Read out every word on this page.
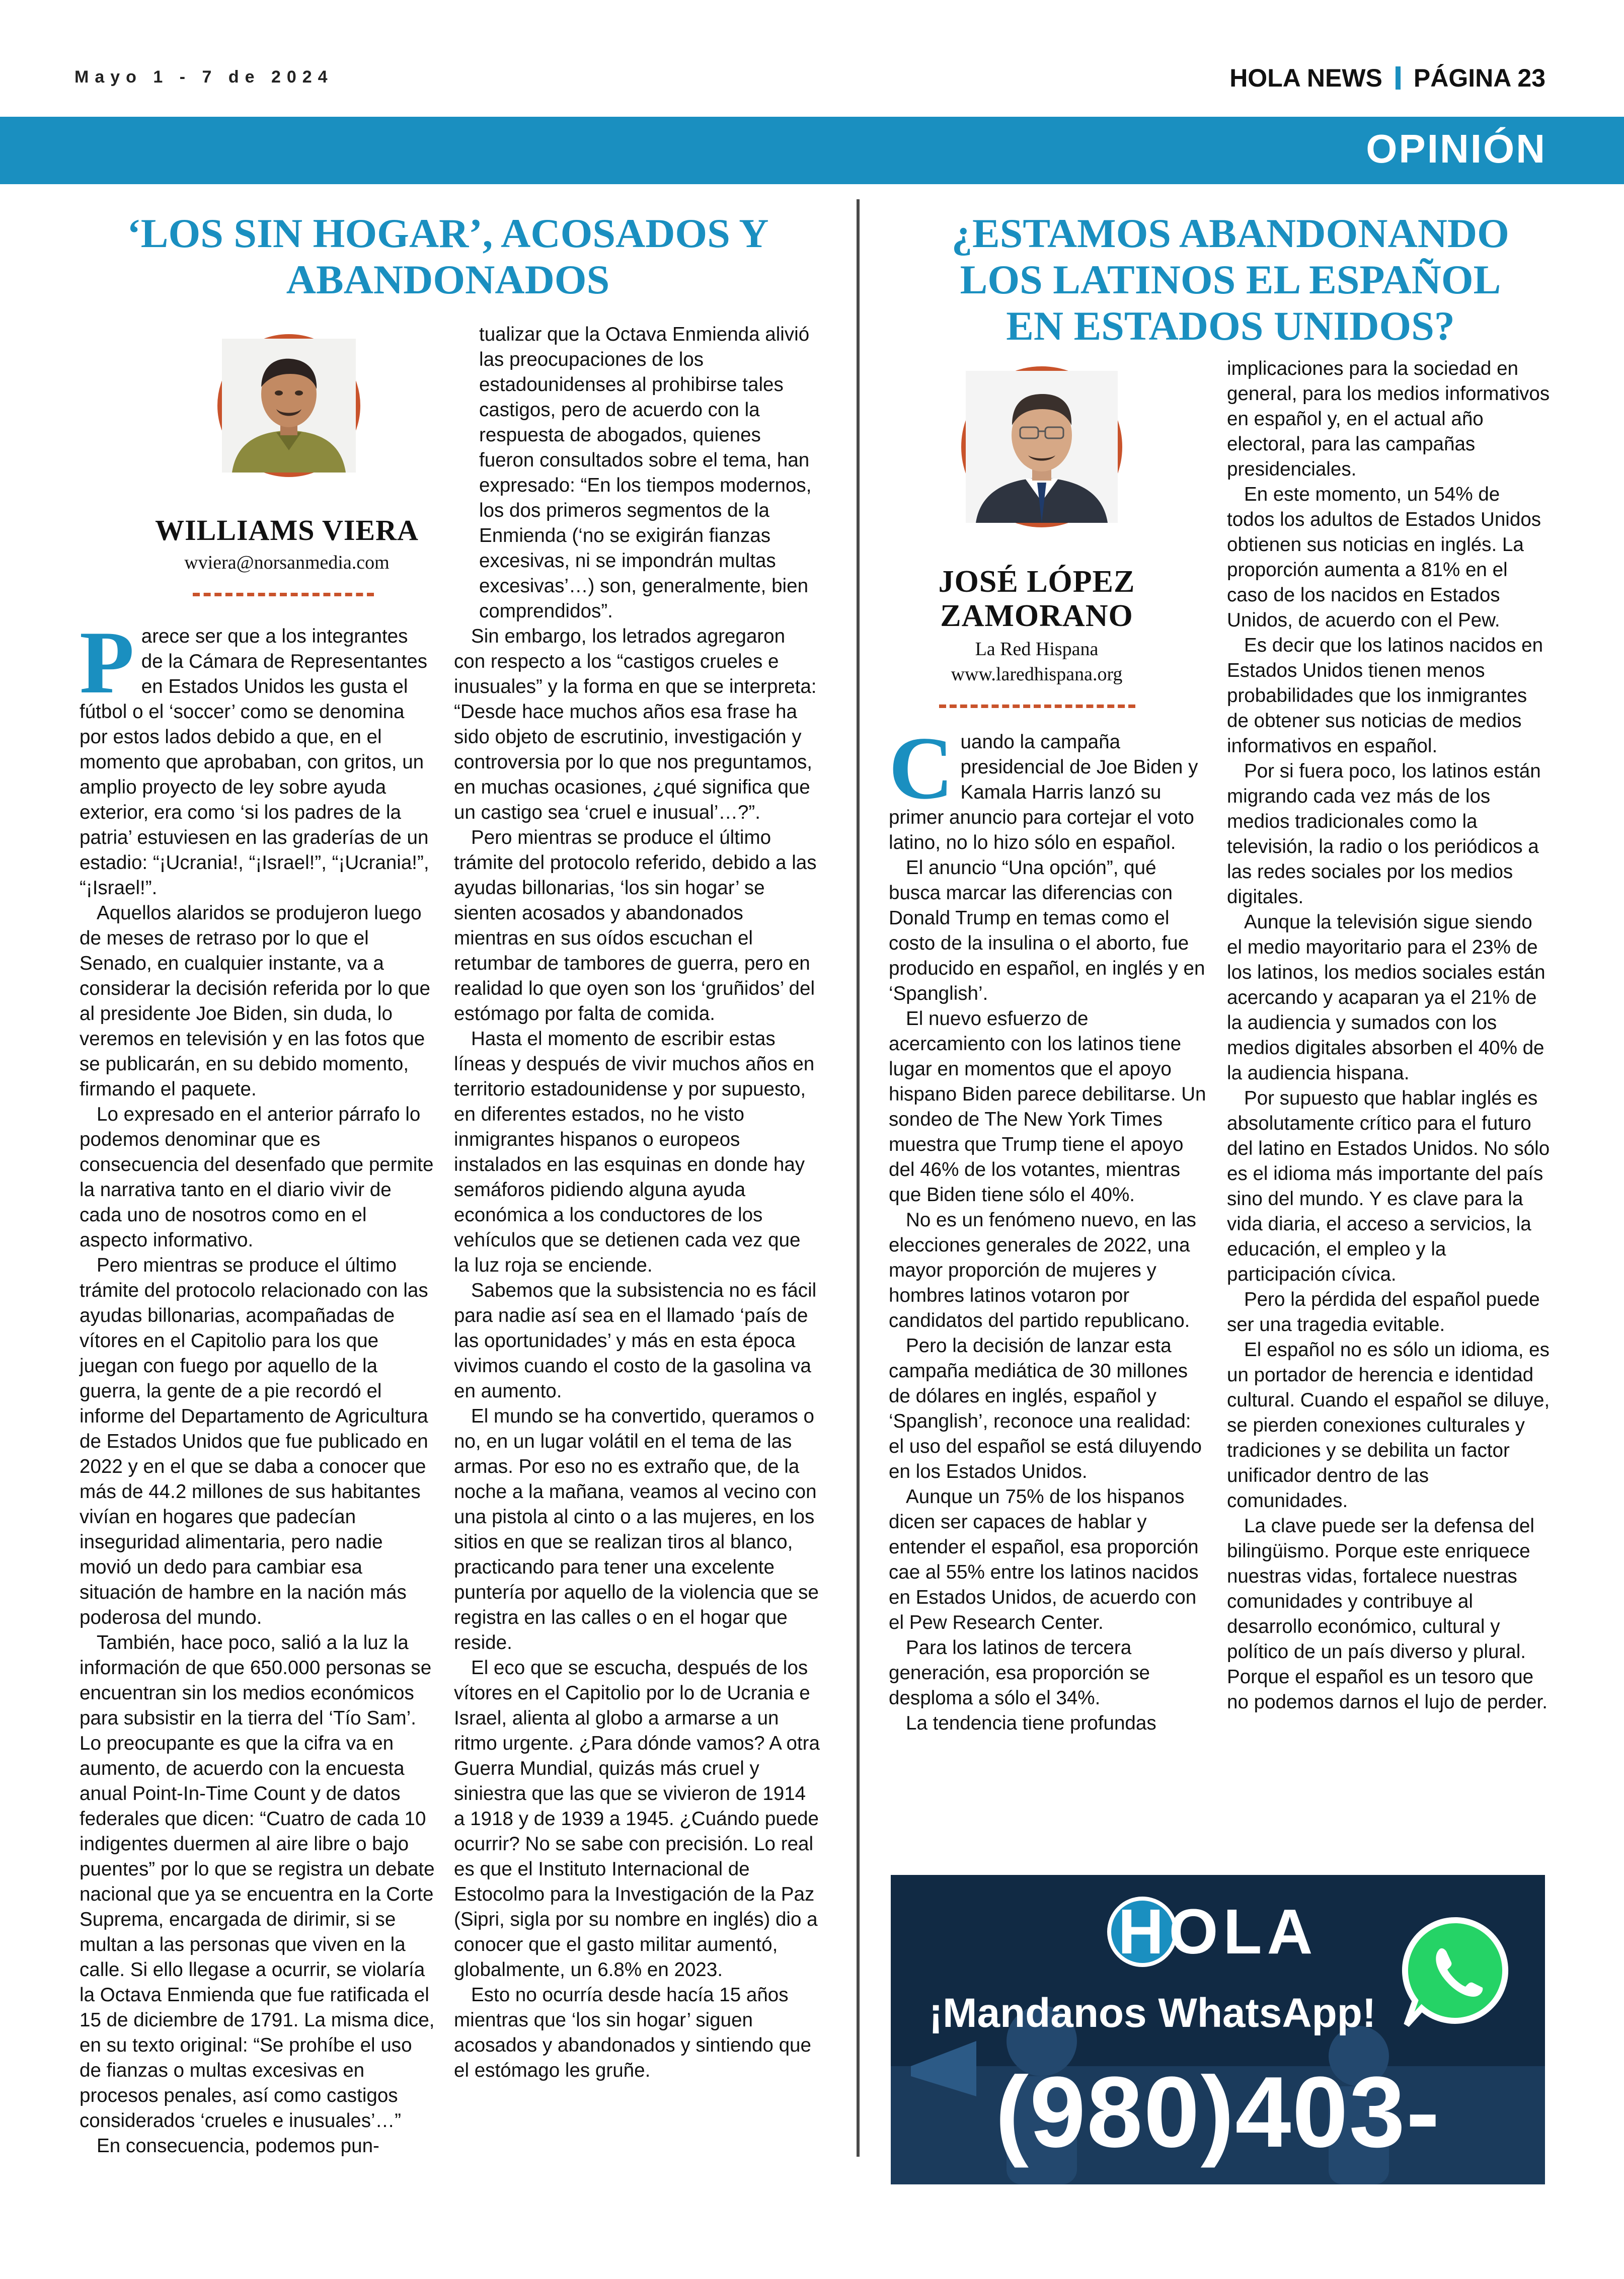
Mayo 1 - 7 de 2024	HOLA NEWS PÁGINA 23
OPINIÓN
‘LOS SIN HOGAR’, ACOSADOS Y
ABANDONADOS
WILLIAMS VIERA
wviera@norsanmedia.com
P arece ser que a los integrantes de la Cámara de Representantes en Estados Unidos les gusta el fútbol o el ‘soccer’ como se denomina por estos lados debido a que, en el momento que aprobaban, con gritos, un amplio proyecto de ley sobre ayuda exterior, era como ‘si los padres de la patria’ estuviesen en las graderías de un estadio: “¡Ucrania!, “¡Israel!”, “¡Ucrania!”, “¡Israel!”.

Aquellos alaridos se produjeron luego de meses de retraso por lo que el Senado, en cualquier instante, va a considerar la decisión referida por lo que al presidente Joe Biden, sin duda, lo veremos en televisión y en las fotos que se publicarán, en su debido momento, firmando el paquete.

Lo expresado en el anterior párrafo lo podemos denominar que es consecuencia del desenfado que permite la narrativa tanto en el diario vivir de cada uno de nosotros como en el aspecto informativo.

Pero mientras se produce el último trámite del protocolo relacionado con las ayudas billonarias, acompañadas de vítores en el Capitolio para los que juegan con fuego por aquello de la guerra, la gente de a pie recordó el informe del Departamento de Agricultura de Estados Unidos que fue publicado en 2022 y en el que se daba a conocer que más de 44.2 millones de sus habitantes vivían en hogares que padecían inseguridad alimentaria, pero nadie movió un dedo para cambiar esa situación de hambre en la nación más poderosa del mundo.

También, hace poco, salió a la luz la información de que 650.000 personas se encuentran sin los medios económicos para subsistir en la tierra del ‘Tío Sam’. Lo preocupante es que la cifra va en aumento, de acuerdo con la encuesta anual Point-In-Time Count y de datos federales que dicen: “Cuatro de cada 10 indigentes duermen al aire libre o bajo puentes” por lo que se registra un debate nacional que ya se encuentra en la Corte Suprema, encargada de dirimir, si se multan a las personas que viven en la calle. Si ello llegase a ocurrir, se violaría la Octava Enmienda que fue ratificada el 15 de diciembre de 1791. La misma dice, en su texto original: “Se prohíbe el uso de fianzas o multas excesivas en procesos penales, así como castigos considerados ‘crueles e inusuales’…”

En consecuencia, podemos pun-

tualizar que la Octava Enmienda alivió las preocupaciones de los estadounidenses al prohibirse tales castigos, pero de acuerdo con la respuesta de abogados, quienes fueron consultados sobre el tema, han expresado: “En los tiempos modernos, los dos primeros segmentos de la Enmienda (‘no se exigirán fianzas excesivas, ni se impondrán multas excesivas’…) son, generalmente, bien comprendidos”.

Sin embargo, los letrados agregaron con respecto a los “castigos crueles e inusuales” y la forma en que se interpreta: “Desde hace muchos años esa frase ha sido objeto de escrutinio, investigación y controversia por lo que nos preguntamos, en muchas ocasiones, ¿qué significa que un castigo sea ‘cruel e inusual’…?”.

Pero mientras se produce el último trámite del protocolo referido, debido a las ayudas billonarias, ‘los sin hogar’ se sienten acosados y abandonados mientras en sus oídos escuchan el retumbar de tambores de guerra, pero en realidad lo que oyen son los ‘gruñidos’ del estómago por falta de comida.

Hasta el momento de escribir estas líneas y después de vivir muchos años en territorio estadounidense y por supuesto, en diferentes estados, no he visto inmigrantes hispanos o europeos instalados en las esquinas en donde hay semáforos pidiendo alguna ayuda económica a los conductores de los vehículos que se detienen cada vez que la luz roja se enciende.

Sabemos que la subsistencia no es fácil para nadie así sea en el llamado ‘país de las oportunidades’ y más en esta época vivimos cuando el costo de la gasolina va en aumento.

El mundo se ha convertido, queramos o no, en un lugar volátil en el tema de las armas. Por eso no es extraño que, de la noche a la mañana, veamos al vecino con una pistola al cinto o a las mujeres, en los sitios en que se realizan tiros al blanco, practicando para tener una excelente puntería por aquello de la violencia que se registra en las calles o en el hogar que reside.

El eco que se escucha, después de los vítores en el Capitolio por lo de Ucrania e Israel, alienta al globo a armarse a un ritmo urgente. ¿Para dónde vamos? A otra Guerra Mundial, quizás más cruel y siniestra que las que se vivieron de 1914 a 1918 y de 1939 a 1945. ¿Cuándo puede ocurrir? No se sabe con precisión. Lo real es que el Instituto Internacional de Estocolmo para la Investigación de la Paz (Sipri, sigla por su nombre en inglés) dio a conocer que el gasto militar aumentó, globalmente, un 6.8% en 2023.

Esto no ocurría desde hacía 15 años mientras que ‘los sin hogar’ siguen acosados y abandonados y sintiendo que el estómago les gruñe.

¿ESTAMOS ABANDONANDO
LOS LATINOS EL ESPAÑOL
EN ESTADOS UNIDOS?
JOSÉ LÓPEZ
ZAMORANO
La Red Hispana
www.laredhispana.org
C uando la campaña presidencial de Joe Biden y Kamala Harris lanzó su primer anuncio para cortejar el voto latino, no lo hizo sólo en español.

El anuncio “Una opción”, qué busca marcar las diferencias con Donald Trump en temas como el costo de la insulina o el aborto, fue producido en español, en inglés y en ‘Spanglish’.

El nuevo esfuerzo de acercamiento con los latinos tiene lugar en momentos que el apoyo hispano Biden parece debilitarse. Un sondeo de The New York Times muestra que Trump tiene el apoyo del 46% de los votantes, mientras que Biden tiene sólo el 40%.

No es un fenómeno nuevo, en las elecciones generales de 2022, una mayor proporción de mujeres y hombres latinos votaron por candidatos del partido republicano.

Pero la decisión de lanzar esta campaña mediática de 30 millones de dólares en inglés, español y ‘Spanglish’, reconoce una realidad: el uso del español se está diluyendo en los Estados Unidos.

Aunque un 75% de los hispanos dicen ser capaces de hablar y entender el español, esa proporción cae al 55% entre los latinos nacidos en Estados Unidos, de acuerdo con el Pew Research Center.

Para los latinos de tercera generación, esa proporción se desploma a sólo el 34%.

La tendencia tiene profundas

implicaciones para la sociedad en general, para los medios informativos en español y, en el actual año electoral, para las campañas presidenciales.

En este momento, un 54% de todos los adultos de Estados Unidos obtienen sus noticias en inglés. La proporción aumenta a 81% en el caso de los nacidos en Estados Unidos, de acuerdo con el Pew.

Es decir que los latinos nacidos en Estados Unidos tienen menos probabilidades que los inmigrantes de obtener sus noticias de medios informativos en español.

Por si fuera poco, los latinos están migrando cada vez más de los medios tradicionales como la televisión, la radio o los periódicos a las redes sociales por los medios digitales.

Aunque la televisión sigue siendo el medio mayoritario para el 23% de los latinos, los medios sociales están acercando y acaparan ya el 21% de la audiencia y sumados con los medios digitales absorben el 40% de la audiencia hispana.

Por supuesto que hablar inglés es absolutamente crítico para el futuro del latino en Estados Unidos. No sólo es el idioma más importante del país sino del mundo. Y es clave para la vida diaria, el acceso a servicios, la educación, el empleo y la participación cívica.

Pero la pérdida del español puede ser una tragedia evitable.

El español no es sólo un idioma, es un portador de herencia e identidad cultural. Cuando el español se diluye, se pierden conexiones culturales y tradiciones y se debilita un factor unificador dentro de las comunidades.

La clave puede ser la defensa del bilingüismo. Porque este enriquece nuestras vidas, fortalece nuestras comunidades y contribuye al desarrollo económico, cultural y político de un país diverso y plural. Porque el español es un tesoro que no podemos darnos el lujo de perder.

HOLA
¡Mandanos WhatsApp!
(980)403-5807
